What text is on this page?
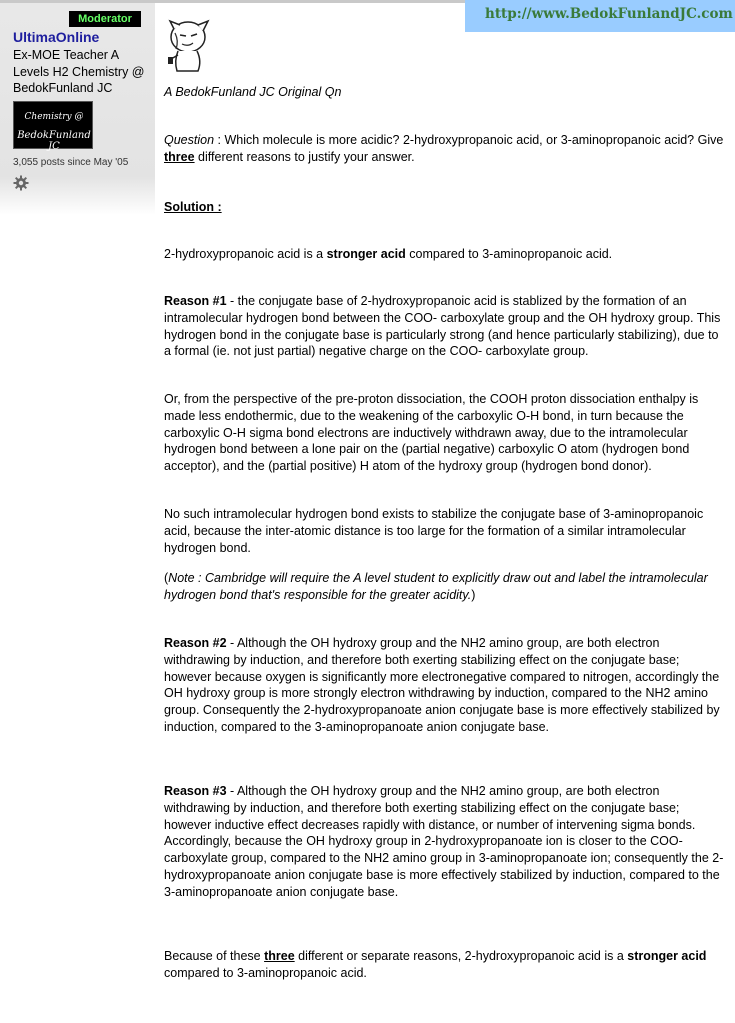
Moderator
UltimaOnline
Ex-MOE Teacher A Levels H2 Chemistry @ BedokFunland JC
Chemistry @
BedokFunland JC
3,055 posts since May '05
http://www.BedokFunlandJC.com
A BedokFunland JC Original Qn
Question : Which molecule is more acidic? 2-hydroxypropanoic acid, or 3-aminopropanoic acid? Give three different reasons to justify your answer.
Solution :
2-hydroxypropanoic acid is a stronger acid compared to 3-aminopropanoic acid.
Reason #1 - the conjugate base of 2-hydroxypropanoic acid is stablized by the formation of an intramolecular hydrogen bond between the COO- carboxylate group and the OH hydroxy group. This hydrogen bond in the conjugate base is particularly strong (and hence particularly stabilizing), due to a formal (ie. not just partial) negative charge on the COO- carboxylate group.
Or, from the perspective of the pre-proton dissociation, the COOH proton dissociation enthalpy is made less endothermic, due to the weakening of the carboxylic O-H bond, in turn because the carboxylic O-H sigma bond electrons are inductively withdrawn away, due to the intramolecular hydrogen bond between a lone pair on the (partial negative) carboxylic O atom (hydrogen bond acceptor), and the (partial positive) H atom of the hydroxy group (hydrogen bond donor).
No such intramolecular hydrogen bond exists to stabilize the conjugate base of 3-aminopropanoic acid, because the inter-atomic distance is too large for the formation of a similar intramolecular hydrogen bond.
(Note : Cambridge will require the A level student to explicitly draw out and label the intramolecular hydrogen bond that's responsible for the greater acidity.)
Reason #2 - Although the OH hydroxy group and the NH2 amino group, are both electron withdrawing by induction, and therefore both exerting stabilizing effect on the conjugate base; however because oxygen is significantly more electronegative compared to nitrogen, accordingly the OH hydroxy group is more strongly electron withdrawing by induction, compared to the NH2 amino group. Consequently the 2-hydroxypropanoate anion conjugate base is more effectively stabilized by induction, compared to the 3-aminopropanoate anion conjugate base.
Reason #3 - Although the OH hydroxy group and the NH2 amino group, are both electron withdrawing by induction, and therefore both exerting stabilizing effect on the conjugate base; however inductive effect decreases rapidly with distance, or number of intervening sigma bonds. Accordingly, because the OH hydroxy group in 2-hydroxypropanoate ion is closer to the COO- carboxylate group, compared to the NH2 amino group in 3-aminopropanoate ion; consequently the 2-hydroxypropanoate anion conjugate base is more effectively stabilized by induction, compared to the 3-aminopropanoate anion conjugate base.
Because of these three different or separate reasons, 2-hydroxypropanoic acid is a stronger acid compared to 3-aminopropanoic acid.
